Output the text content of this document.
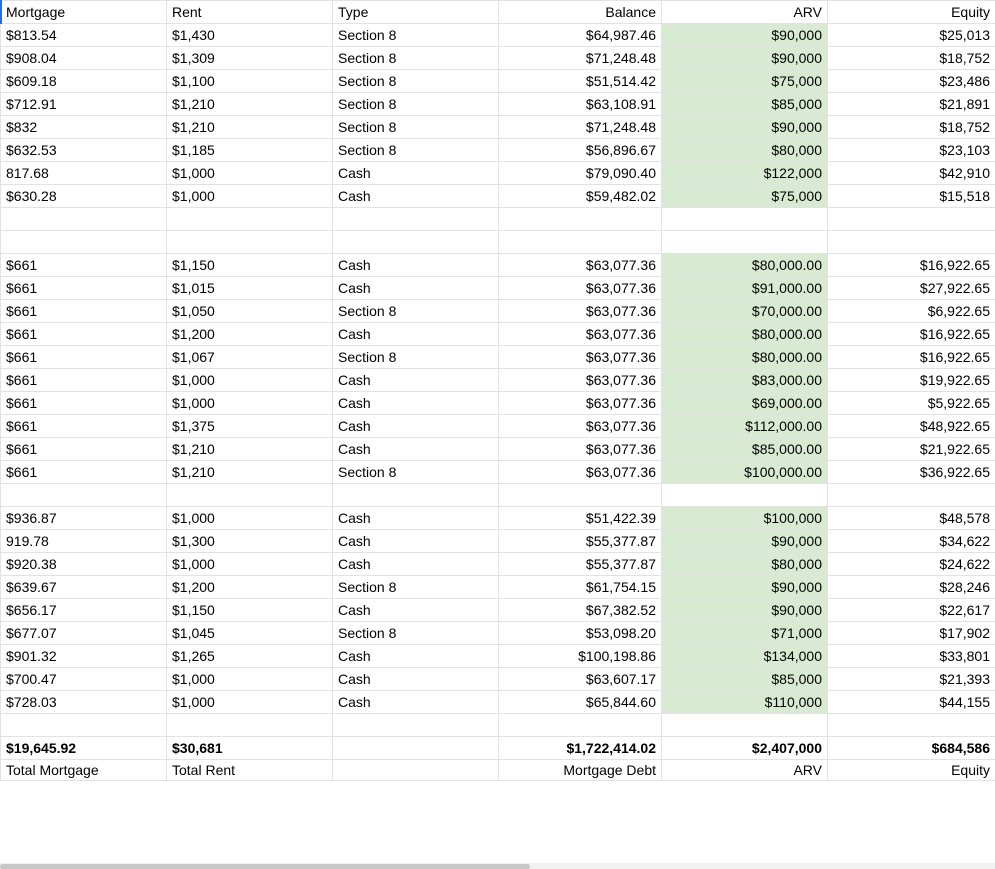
Mortgage	Rent	Type	Balance	ARV	Equity
$813.54	$1,430	Section 8	$64,987.46	$90,000	$25,013
$908.04	$1,309	Section 8	$71,248.48	$90,000	$18,752
$609.18	$1,100	Section 8	$51,514.42	$75,000	$23,486
$712.91	$1,210	Section 8	$63,108.91	$85,000	$21,891
$832	$1,210	Section 8	$71,248.48	$90,000	$18,752
$632.53	$1,185	Section 8	$56,896.67	$80,000	$23,103
817.68	$1,000	Cash	$79,090.40	$122,000	$42,910
$630.28	$1,000	Cash	$59,482.02	$75,000	$15,518

$661	$1,150	Cash	$63,077.36	$80,000.00	$16,922.65
$661	$1,015	Cash	$63,077.36	$91,000.00	$27,922.65
$661	$1,050	Section 8	$63,077.36	$70,000.00	$6,922.65
$661	$1,200	Cash	$63,077.36	$80,000.00	$16,922.65
$661	$1,067	Section 8	$63,077.36	$80,000.00	$16,922.65
$661	$1,000	Cash	$63,077.36	$83,000.00	$19,922.65
$661	$1,000	Cash	$63,077.36	$69,000.00	$5,922.65
$661	$1,375	Cash	$63,077.36	$112,000.00	$48,922.65
$661	$1,210	Cash	$63,077.36	$85,000.00	$21,922.65
$661	$1,210	Section 8	$63,077.36	$100,000.00	$36,922.65

$936.87	$1,000	Cash	$51,422.39	$100,000	$48,578
919.78	$1,300	Cash	$55,377.87	$90,000	$34,622
$920.38	$1,000	Cash	$55,377.87	$80,000	$24,622
$639.67	$1,200	Section 8	$61,754.15	$90,000	$28,246
$656.17	$1,150	Cash	$67,382.52	$90,000	$22,617
$677.07	$1,045	Section 8	$53,098.20	$71,000	$17,902
$901.32	$1,265	Cash	$100,198.86	$134,000	$33,801
$700.47	$1,000	Cash	$63,607.17	$85,000	$21,393
$728.03	$1,000	Cash	$65,844.60	$110,000	$44,155

$19,645.92	$30,681		$1,722,414.02	$2,407,000	$684,586
Total Mortgage	Total Rent		Mortgage Debt	ARV	Equity
